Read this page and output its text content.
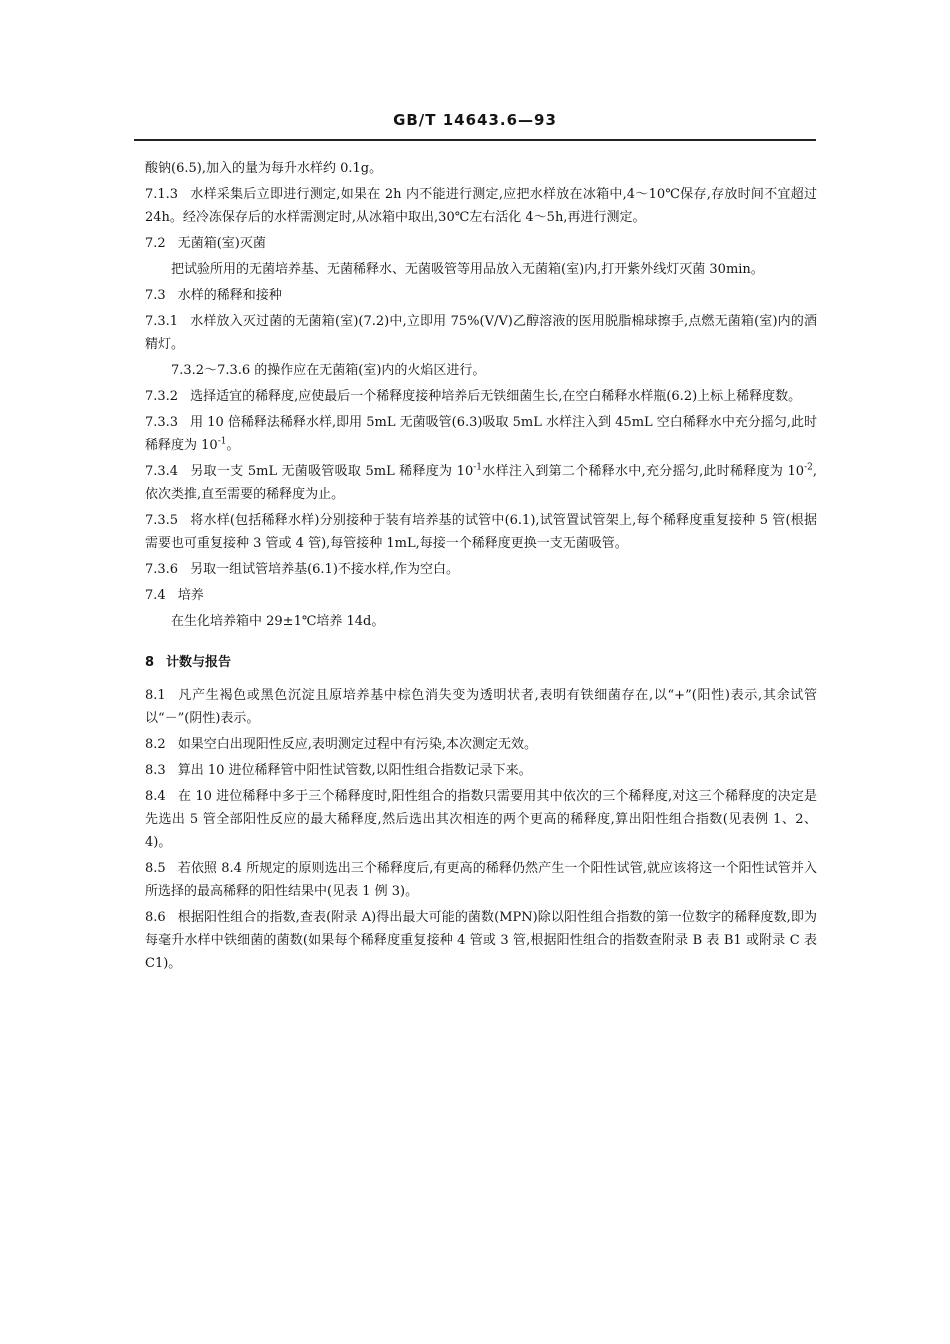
GB/T 14643.6—93

酸钠(6.5),加入的量为每升水样约 0.1g。

7.1.3 水样采集后立即进行测定,如果在 2h 内不能进行测定,应把水样放在冰箱中,4～10℃保存,存放时间不宜超过 24h。经冷冻保存后的水样需测定时,从冰箱中取出,30℃左右活化 4～5h,再进行测定。

7.2 无菌箱(室)灭菌

把试验所用的无菌培养基、无菌稀释水、无菌吸管等用品放入无菌箱(室)内,打开紫外线灯灭菌 30min。

7.3 水样的稀释和接种

7.3.1 水样放入灭过菌的无菌箱(室)(7.2)中,立即用 75%(V/V)乙醇溶液的医用脱脂棉球擦手,点燃无菌箱(室)内的酒精灯。

7.3.2～7.3.6 的操作应在无菌箱(室)内的火焰区进行。

7.3.2 选择适宜的稀释度,应使最后一个稀释度接种培养后无铁细菌生长,在空白稀释水样瓶(6.2)上标上稀释度数。

7.3.3 用 10 倍稀释法稀释水样,即用 5mL 无菌吸管(6.3)吸取 5mL 水样注入到 45mL 空白稀释水中充分摇匀,此时稀释度为 $10^{-1}$。

7.3.4 另取一支 5mL 无菌吸管吸取 5mL 稀释度为 $10^{-1}$水样注入到第二个稀释水中,充分摇匀,此时稀释度为 $10^{-2}$,依次类推,直至需要的稀释度为止。

7.3.5 将水样(包括稀释水样)分别接种于装有培养基的试管中(6.1),试管置试管架上,每个稀释度重复接种 5 管(根据需要也可重复接种 3 管或 4 管),每管接种 1mL,每接一个稀释度更换一支无菌吸管。

7.3.6 另取一组试管培养基(6.1)不接水样,作为空白。

7.4 培养

在生化培养箱中 29±1℃培养 14d。

8 计数与报告

8.1 凡产生褐色或黑色沉淀且原培养基中棕色消失变为透明状者,表明有铁细菌存在,以“+”(阳性)表示,其余试管以“－”(阴性)表示。

8.2 如果空白出现阳性反应,表明测定过程中有污染,本次测定无效。

8.3 算出 10 进位稀释管中阳性试管数,以阳性组合指数记录下来。

8.4 在 10 进位稀释中多于三个稀释度时,阳性组合的指数只需要用其中依次的三个稀释度,对这三个稀释度的决定是先选出 5 管全部阳性反应的最大稀释度,然后选出其次相连的两个更高的稀释度,算出阳性组合指数(见表例 1、2、4)。

8.5 若依照 8.4 所规定的原则选出三个稀释度后,有更高的稀释仍然产生一个阳性试管,就应该将这一个阳性试管并入所选择的最高稀释的阳性结果中(见表 1 例 3)。

8.6 根据阳性组合的指数,查表(附录 A)得出最大可能的菌数(MPN)除以阳性组合指数的第一位数字的稀释度数,即为每毫升水样中铁细菌的菌数(如果每个稀释度重复接种 4 管或 3 管,根据阳性组合的指数查附录 B 表 B1 或附录 C 表 C1)。
